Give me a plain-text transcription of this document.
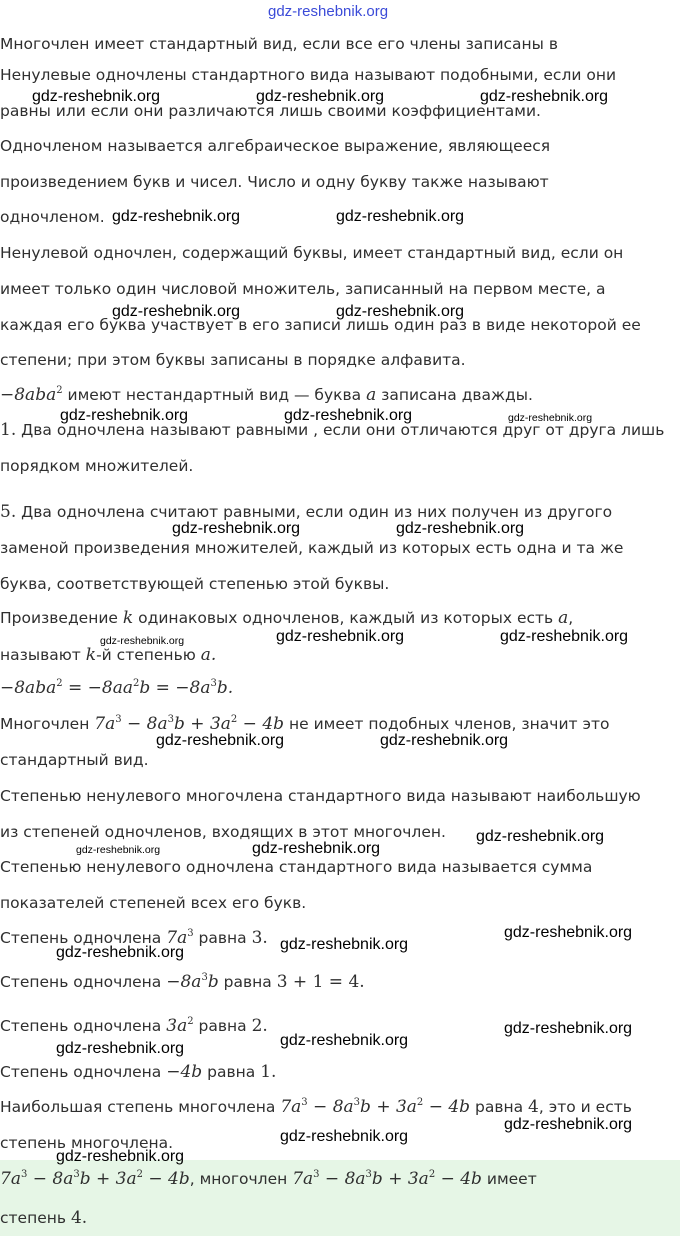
gdz-reshebnik.org
Многочлен имеет стандартный вид, если все его члены записаны в
Ненулевые одночлены стандартного вида называют подобными, если они
равны или если они различаются лишь своими коэффициентами.
gdz-reshebnik.org	gdz-reshebnik.org	gdz-reshebnik.org
Одночленом называется алгебраическое выражение, являющееся
произведением букв и чисел. Число и одну букву также называют
одночленом. gdz-reshebnik.org	gdz-reshebnik.org
Ненулевой одночлен, содержащий буквы, имеет стандартный вид, если он
имеет только один числовой множитель, записанный на первом месте, а
каждая его буква участвует в его записи лишь один раз в виде некоторой ее
gdz-reshebnik.org	gdz-reshebnik.org
степени; при этом буквы записаны в порядке алфавита.
−8aba$^2$ имеют нестандартный вид — буква a записана дважды.
gdz-reshebnik.org	gdz-reshebnik.org	gdz-reshebnik.org
1. Два одночлена называют равными , если они отличаются друг от друга лишь
порядком множителей.
5. Два одночлена считают равными, если один из них получен из другого
gdz-reshebnik.org	gdz-reshebnik.org
заменой произведения множителей, каждый из которых есть одна и та же
буква, соответствующей степенью этой буквы.
Произведение k одинаковых одночленов, каждый из которых есть a,
gdz-reshebnik.org	gdz-reshebnik.org	gdz-reshebnik.org
называют k-й степенью a.
$-8aba^2 = -8aa^2b = -8a^3b$.
Многочлен $7a^3 - 8a^3b + 3a^2 - 4b$ не имеет подобных членов, значит это
gdz-reshebnik.org	gdz-reshebnik.org
стандартный вид.
Степенью ненулевого многочлена стандартного вида называют наибольшую
из степеней одночленов, входящих в этот многочлен. gdz-reshebnik.org
gdz-reshebnik.org	gdz-reshebnik.org
Степенью ненулевого одночлена стандартного вида называется сумма
показателей степеней всех его букв.
Степень одночлена $7a^3$ равна 3. gdz-reshebnik.org
gdz-reshebnik.org
gdz-reshebnik.org
Степень одночлена $-8a^3b$ равна 3 + 1 = 4.
Степень одночлена $3a^2$ равна 2.	gdz-reshebnik.org
gdz-reshebnik.org
gdz-reshebnik.org
Степень одночлена −4b равна 1.
Наибольшая степень многочлена $7a^3 - 8a^3b + 3a^2 - 4b$ равна 4, это и есть
gdz-reshebnik.org
степень многочлена.	gdz-reshebnik.org
gdz-reshebnik.org
$7a^3 - 8a^3b + 3a^2 - 4b$, многочлен $7a^3 - 8a^3b + 3a^2 - 4b$ имеет
степень 4.
